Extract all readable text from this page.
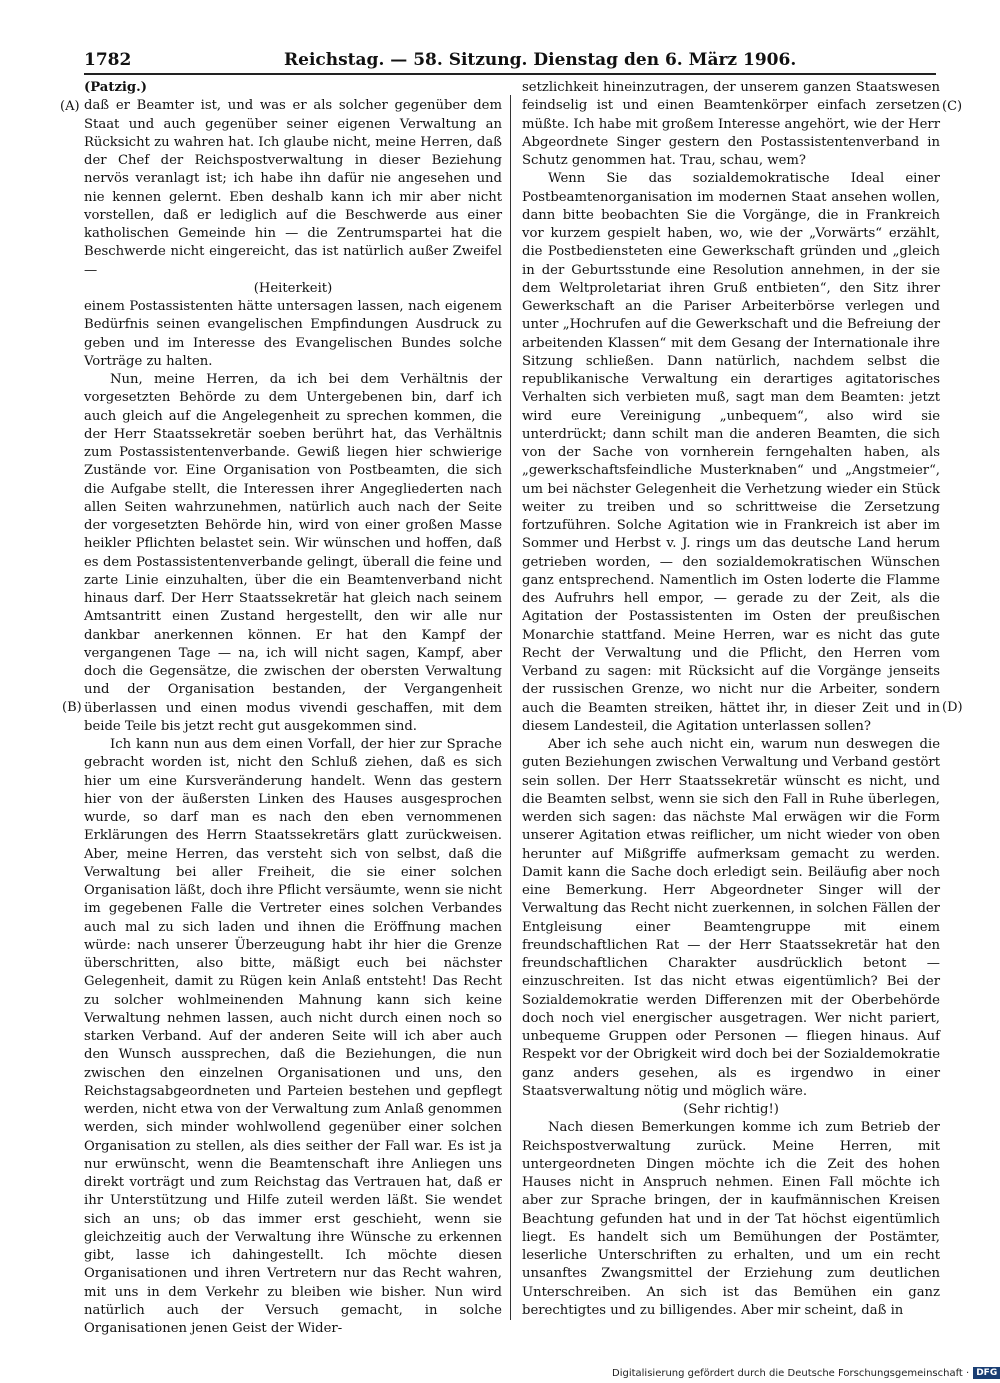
1782	Reichstag. — 58. Sitzung. Dienstag den 6. März 1906.
(A)
(B)
(C)
(D)

(Patzig.)

daß er Beamter ist, und was er als solcher gegenüber dem Staat und auch gegenüber seiner eigenen Verwaltung an Rücksicht zu wahren hat. Ich glaube nicht, meine Herren, daß der Chef der Reichspostverwaltung in dieser Beziehung nervös veranlagt ist; ich habe ihn dafür nie angesehen und nie kennen gelernt. Eben deshalb kann ich mir aber nicht vorstellen, daß er lediglich auf die Beschwerde aus einer katholischen Gemeinde hin — die Zentrumspartei hat die Beschwerde nicht eingereicht, das ist natürlich außer Zweifel —

(Heiterkeit)

einem Postassistenten hätte untersagen lassen, nach eigenem Bedürfnis seinen evangelischen Empfindungen Ausdruck zu geben und im Interesse des Evangelischen Bundes solche Vorträge zu halten.

Nun, meine Herren, da ich bei dem Verhältnis der vorgesetzten Behörde zu dem Untergebenen bin, darf ich auch gleich auf die Angelegenheit zu sprechen kommen, die der Herr Staatssekretär soeben berührt hat, das Verhältnis zum Postassistentenverbande. Gewiß liegen hier schwierige Zustände vor. Eine Organisation von Postbeamten, die sich die Aufgabe stellt, die Interessen ihrer Angegliederten nach allen Seiten wahrzunehmen, natürlich auch nach der Seite der vorgesetzten Behörde hin, wird von einer großen Masse heikler Pflichten belastet sein. Wir wünschen und hoffen, daß es dem Postassistentenverbande gelingt, überall die feine und zarte Linie einzuhalten, über die ein Beamtenverband nicht hinaus darf. Der Herr Staatssekretär hat gleich nach seinem Amtsantritt einen Zustand hergestellt, den wir alle nur dankbar anerkennen können. Er hat den Kampf der vergangenen Tage — na, ich will nicht sagen, Kampf, aber doch die Gegensätze, die zwischen der obersten Verwaltung und der Organisation bestanden, der Vergangenheit überlassen und einen modus vivendi geschaffen, mit dem beide Teile bis jetzt recht gut ausgekommen sind.

Ich kann nun aus dem einen Vorfall, der hier zur Sprache gebracht worden ist, nicht den Schluß ziehen, daß es sich hier um eine Kursveränderung handelt. Wenn das gestern hier von der äußersten Linken des Hauses ausgesprochen wurde, so darf man es nach den eben vernommenen Erklärungen des Herrn Staatssekretärs glatt zurückweisen. Aber, meine Herren, das versteht sich von selbst, daß die Verwaltung bei aller Freiheit, die sie einer solchen Organisation läßt, doch ihre Pflicht versäumte, wenn sie nicht im gegebenen Falle die Vertreter eines solchen Verbandes auch mal zu sich laden und ihnen die Eröffnung machen würde: nach unserer Überzeugung habt ihr hier die Grenze überschritten, also bitte, mäßigt euch bei nächster Gelegenheit, damit zu Rügen kein Anlaß entsteht! Das Recht zu solcher wohlmeinenden Mahnung kann sich keine Verwaltung nehmen lassen, auch nicht durch einen noch so starken Verband. Auf der anderen Seite will ich aber auch den Wunsch aussprechen, daß die Beziehungen, die nun zwischen den einzelnen Organisationen und uns, den Reichstagsabgeordneten und Parteien bestehen und gepflegt werden, nicht etwa von der Verwaltung zum Anlaß genommen werden, sich minder wohlwollend gegenüber einer solchen Organisation zu stellen, als dies seither der Fall war. Es ist ja nur erwünscht, wenn die Beamtenschaft ihre Anliegen uns direkt vorträgt und zum Reichstag das Vertrauen hat, daß er ihr Unterstützung und Hilfe zuteil werden läßt. Sie wendet sich an uns; ob das immer erst geschieht, wenn sie gleichzeitig auch der Verwaltung ihre Wünsche zu erkennen gibt, lasse ich dahingestellt. Ich möchte diesen Organisationen und ihren Vertretern nur das Recht wahren, mit uns in dem Verkehr zu bleiben wie bisher. Nun wird natürlich auch der Versuch gemacht, in solche Organisationen jenen Geist der Wider-

setzlichkeit hineinzutragen, der unserem ganzen Staatswesen feindselig ist und einen Beamtenkörper einfach zersetzen müßte. Ich habe mit großem Interesse angehört, wie der Herr Abgeordnete Singer gestern den Postassistentenverband in Schutz genommen hat. Trau, schau, wem?

Wenn Sie das sozialdemokratische Ideal einer Postbeamtenorganisation im modernen Staat ansehen wollen, dann bitte beobachten Sie die Vorgänge, die in Frankreich vor kurzem gespielt haben, wo, wie der „Vorwärts“ erzählt, die Postbediensteten eine Gewerkschaft gründen und „gleich in der Geburtsstunde eine Resolution annehmen, in der sie dem Weltproletariat ihren Gruß entbieten“, den Sitz ihrer Gewerkschaft an die Pariser Arbeiterbörse verlegen und unter „Hochrufen auf die Gewerkschaft und die Befreiung der arbeitenden Klassen“ mit dem Gesang der Internationale ihre Sitzung schließen. Dann natürlich, nachdem selbst die republikanische Verwaltung ein derartiges agitatorisches Verhalten sich verbieten muß, sagt man dem Beamten: jetzt wird eure Vereinigung „unbequem“, also wird sie unterdrückt; dann schilt man die anderen Beamten, die sich von der Sache von vornherein ferngehalten haben, als „gewerkschaftsfeindliche Musterknaben“ und „Angstmeier“, um bei nächster Gelegenheit die Verhetzung wieder ein Stück weiter zu treiben und so schrittweise die Zersetzung fortzuführen. Solche Agitation wie in Frankreich ist aber im Sommer und Herbst v. J. rings um das deutsche Land herum getrieben worden, — den sozialdemokratischen Wünschen ganz entsprechend. Namentlich im Osten loderte die Flamme des Aufruhrs hell empor, — gerade zu der Zeit, als die Agitation der Postassistenten im Osten der preußischen Monarchie stattfand. Meine Herren, war es nicht das gute Recht der Verwaltung und die Pflicht, den Herren vom Verband zu sagen: mit Rücksicht auf die Vorgänge jenseits der russischen Grenze, wo nicht nur die Arbeiter, sondern auch die Beamten streiken, hättet ihr, in dieser Zeit und in diesem Landesteil, die Agitation unterlassen sollen?

Aber ich sehe auch nicht ein, warum nun deswegen die guten Beziehungen zwischen Verwaltung und Verband gestört sein sollen. Der Herr Staatssekretär wünscht es nicht, und die Beamten selbst, wenn sie sich den Fall in Ruhe überlegen, werden sich sagen: das nächste Mal erwägen wir die Form unserer Agitation etwas reiflicher, um nicht wieder von oben herunter auf Mißgriffe aufmerksam gemacht zu werden. Damit kann die Sache doch erledigt sein. Beiläufig aber noch eine Bemerkung. Herr Abgeordneter Singer will der Verwaltung das Recht nicht zuerkennen, in solchen Fällen der Entgleisung einer Beamtengruppe mit einem freundschaftlichen Rat — der Herr Staatssekretär hat den freundschaftlichen Charakter ausdrücklich betont — einzuschreiten. Ist das nicht etwas eigentümlich? Bei der Sozialdemokratie werden Differenzen mit der Oberbehörde doch noch viel energischer ausgetragen. Wer nicht pariert, unbequeme Gruppen oder Personen — fliegen hinaus. Auf Respekt vor der Obrigkeit wird doch bei der Sozialdemokratie ganz anders gesehen, als es irgendwo in einer Staatsverwaltung nötig und möglich wäre.

(Sehr richtig!)

Nach diesen Bemerkungen komme ich zum Betrieb der Reichspostverwaltung zurück. Meine Herren, mit untergeordneten Dingen möchte ich die Zeit des hohen Hauses nicht in Anspruch nehmen. Einen Fall möchte ich aber zur Sprache bringen, der in kaufmännischen Kreisen Beachtung gefunden hat und in der Tat höchst eigentümlich liegt. Es handelt sich um Bemühungen der Postämter, leserliche Unterschriften zu erhalten, und um ein recht unsanftes Zwangsmittel der Erziehung zum deutlichen Unterschreiben. An sich ist das Bemühen ein ganz berechtigtes und zu billigendes. Aber mir scheint, daß in

Digitalisierung gefördert durch die Deutsche Forschungsgemeinschaft · DFG
